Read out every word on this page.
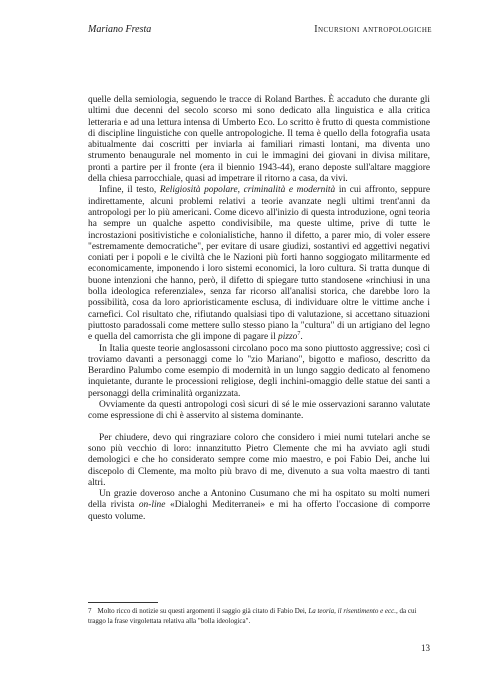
Mariano Fresta	Incursioni antropologiche

quelle della semiologia, seguendo le tracce di Roland Barthes. È accaduto che durante gli ultimi due decenni del secolo scorso mi sono dedicato alla linguistica e alla critica letteraria e ad una lettura intensa di Umberto Eco. Lo scritto è frutto di questa commistione di discipline linguistiche con quelle antropologiche. Il tema è quello della fotografia usata abitualmente dai coscritti per inviarla ai familiari rimasti lontani, ma diventa uno strumento benaugurale nel momento in cui le immagini dei giovani in divisa militare, pronti a partire per il fronte (era il biennio 1943-44), erano deposte sull'altare maggiore della chiesa parrocchiale, quasi ad impetrare il ritorno a casa, da vivi.

Infine, il testo, Religiosità popolare, criminalità e modernità in cui affronto, seppure indirettamente, alcuni problemi relativi a teorie avanzate negli ultimi trent'anni da antropologi per lo più americani. Come dicevo all'inizio di questa introduzione, ogni teoria ha sempre un qualche aspetto condivisibile, ma queste ultime, prive di tutte le incrostazioni positivistiche e colonialistiche, hanno il difetto, a parer mio, di voler essere "estremamente democratiche", per evitare di usare giudizi, sostantivi ed aggettivi negativi coniati per i popoli e le civiltà che le Nazioni più forti hanno soggiogato militarmente ed economicamente, imponendo i loro sistemi economici, la loro cultura. Si tratta dunque di buone intenzioni che hanno, però, il difetto di spiegare tutto standosene «rinchiusi in una bolla ideologica referenziale», senza far ricorso all'analisi storica, che darebbe loro la possibilità, cosa da loro aprioristicamente esclusa, di individuare oltre le vittime anche i carnefici. Col risultato che, rifiutando qualsiasi tipo di valutazione, si accettano situazioni piuttosto paradossali come mettere sullo stesso piano la "cultura" di un artigiano del legno e quella del camorrista che gli impone di pagare il pizzo$^7$.

In Italia queste teorie anglosassoni circolano poco ma sono piuttosto aggressive; così ci troviamo davanti a personaggi come lo "zio Mariano", bigotto e mafioso, descritto da Berardino Palumbo come esempio di modernità in un lungo saggio dedicato al fenomeno inquietante, durante le processioni religiose, degli inchini-omaggio delle statue dei santi a personaggi della criminalità organizzata.

Ovviamente da questi antropologi così sicuri di sé le mie osservazioni saranno valutate come espressione di chi è asservito al sistema dominante.

Per chiudere, devo qui ringraziare coloro che considero i miei numi tutelari anche se sono più vecchio di loro: innanzitutto Pietro Clemente che mi ha avviato agli studi demologici e che ho considerato sempre come mio maestro, e poi Fabio Dei, anche lui discepolo di Clemente, ma molto più bravo di me, divenuto a sua volta maestro di tanti altri.

Un grazie doveroso anche a Antonino Cusumano che mi ha ospitato su molti numeri della rivista on-line «Dialoghi Mediterranei» e mi ha offerto l'occasione di comporre questo volume.

7 Molto ricco di notizie su questi argomenti il saggio già citato di Fabio Dei, La teoria, il risentimento e ecc., da cui traggo la frase virgolettata relativa alla "bolla ideologica".
13
